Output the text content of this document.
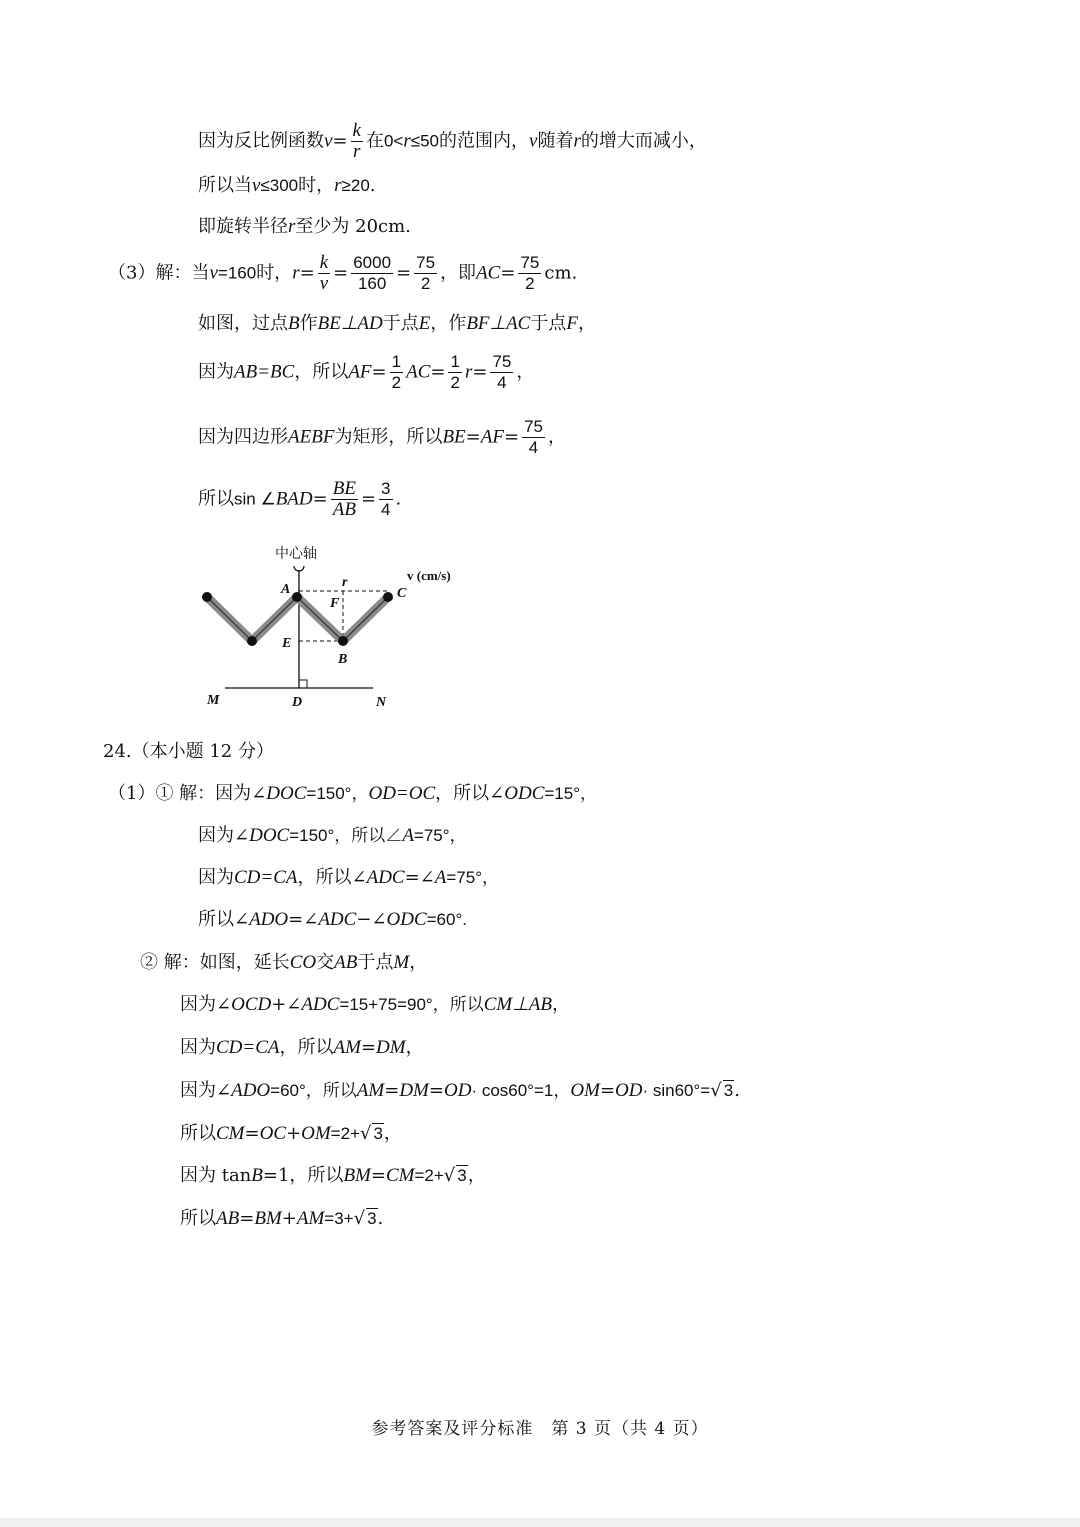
因为反比例函数$v= \frac{k}{r}$ 在0<r≤50的范围内，v随着r的增大而减小，
所以当v≤300时，r≥20.
即旋转半径r至少为 20cm.
（3）解：当v=160时，$r= \frac{k}{v} = \frac{6000}{160} = \frac{75}{2}$ ，即$AC= \frac{75}{2}$ cm.
如图，过点B作BE⊥AD于点E，作BF⊥AC于点F，
因为AB=BC，所以$AF= \frac{1}{2} AC= \frac{1}{2} r= \frac{75}{4}$ ，
因为四边形AEBF为矩形，所以$BE=AF= \frac{75}{4}$ ，
所以sin ∠BAD= $\frac{BE}{AB} = \frac{3}{4}$ .
中心轴
v (cm/s)
A	r
C
F
E
B
M	D	N
24.（本小题 12 分）
（1）① 解：因为∠DOC=150°，OD=OC，所以∠ODC=15°，
因为∠DOC=150°，所以∠A=75°，
因为CD=CA，所以∠ADC=∠A=75°，
所以∠ADO=∠ADC−∠ODC=60°.
② 解：如图，延长CO交AB于点M，
因为∠OCD+∠ADC=15+75=90°，所以CM⊥AB，
因为CD=CA，所以AM=DM，
因为∠ADO=60°，所以AM=DM=OD· cos60°=1，OM=OD· sin60°=√ 3.
所以CM=OC+OM=2+√ 3，
因为 tanB=1，所以BM=CM=2+√ 3，
所以AB=BM+AM=3+√ 3.
参考答案及评分标准　第 3 页（共 4 页）
